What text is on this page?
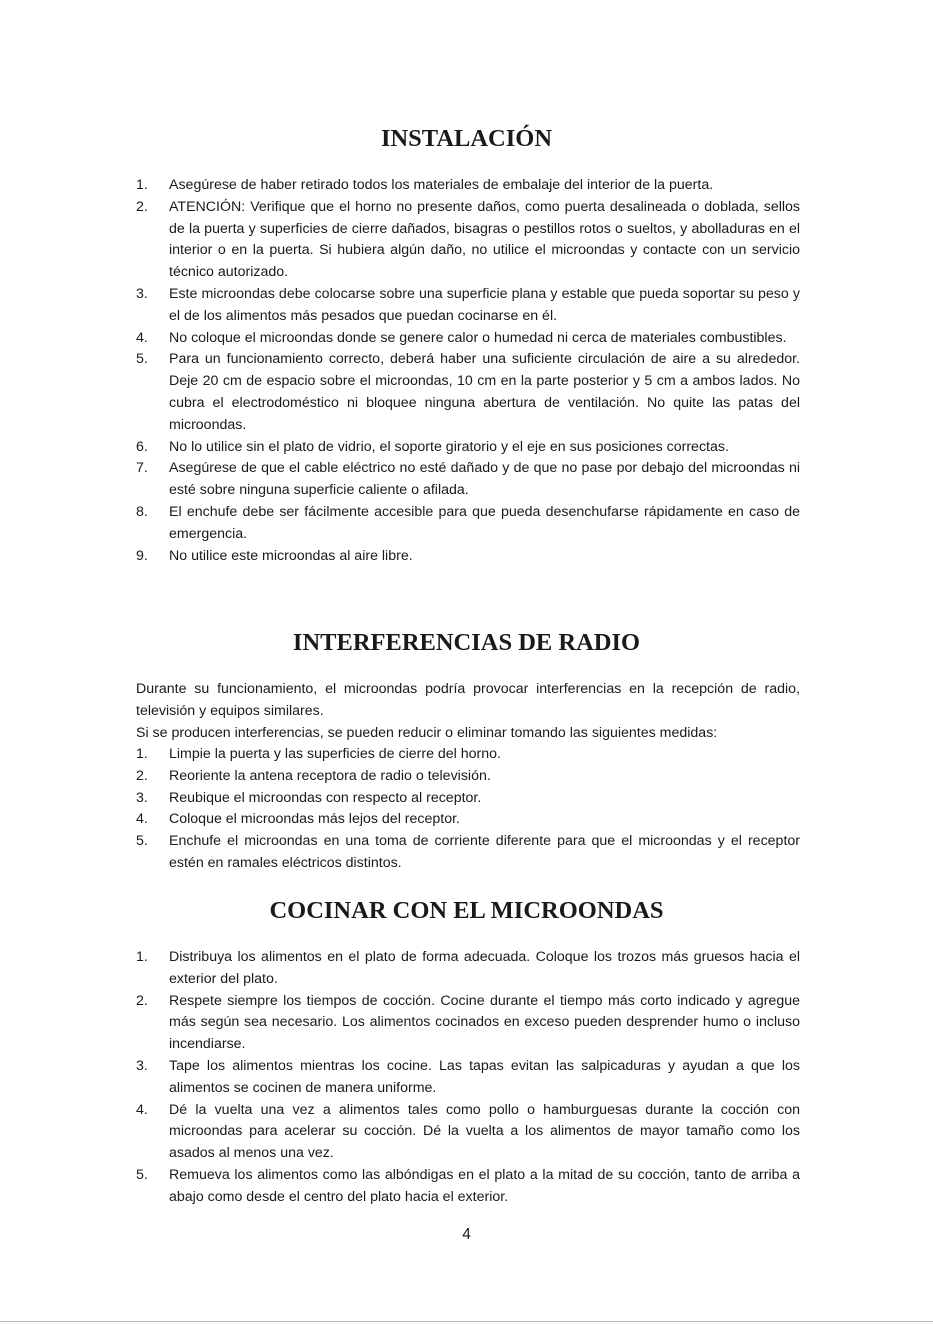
INSTALACIÓN
1.	Asegúrese de haber retirado todos los materiales de embalaje del interior de la puerta.
2.	ATENCIÓN: Verifique que el horno no presente daños, como puerta desalineada o doblada, sellos de la puerta y superficies de cierre dañados, bisagras o pestillos rotos o sueltos, y abolladuras en el interior o en la puerta. Si hubiera algún daño, no utilice el microondas y contacte con un servicio técnico autorizado.
3.	Este microondas debe colocarse sobre una superficie plana y estable que pueda soportar su peso y el de los alimentos más pesados que puedan cocinarse en él.
4.	No coloque el microondas donde se genere calor o humedad ni cerca de materiales combustibles.
5.	Para un funcionamiento correcto, deberá haber una suficiente circulación de aire a su alrededor. Deje 20 cm de espacio sobre el microondas, 10 cm en la parte posterior y 5 cm a ambos lados. No cubra el electrodoméstico ni bloquee ninguna abertura de ventilación. No quite las patas del microondas.
6.	No lo utilice sin el plato de vidrio, el soporte giratorio y el eje en sus posiciones correctas.
7.	Asegúrese de que el cable eléctrico no esté dañado y de que no pase por debajo del microondas ni esté sobre ninguna superficie caliente o afilada.
8.	El enchufe debe ser fácilmente accesible para que pueda desenchufarse rápidamente en caso de emergencia.
9.	No utilice este microondas al aire libre.
INTERFERENCIAS DE RADIO

Durante su funcionamiento, el microondas podría provocar interferencias en la recepción de radio, televisión y equipos similares.

Si se producen interferencias, se pueden reducir o eliminar tomando las siguientes medidas:

1.	Limpie la puerta y las superficies de cierre del horno.
2.	Reoriente la antena receptora de radio o televisión.
3.	Reubique el microondas con respecto al receptor.
4.	Coloque el microondas más lejos del receptor.
5.	Enchufe el microondas en una toma de corriente diferente para que el microondas y el receptor estén en ramales eléctricos distintos.
COCINAR CON EL MICROONDAS
1.	Distribuya los alimentos en el plato de forma adecuada. Coloque los trozos más gruesos hacia el exterior del plato.
2.	Respete siempre los tiempos de cocción. Cocine durante el tiempo más corto indicado y agregue más según sea necesario. Los alimentos cocinados en exceso pueden desprender humo o incluso incendiarse.
3.	Tape los alimentos mientras los cocine. Las tapas evitan las salpicaduras y ayudan a que los alimentos se cocinen de manera uniforme.
4.	Dé la vuelta una vez a alimentos tales como pollo o hamburguesas durante la cocción con microondas para acelerar su cocción. Dé la vuelta a los alimentos de mayor tamaño como los asados al menos una vez.
5.	Remueva los alimentos como las albóndigas en el plato a la mitad de su cocción, tanto de arriba a abajo como desde el centro del plato hacia el exterior.
4
